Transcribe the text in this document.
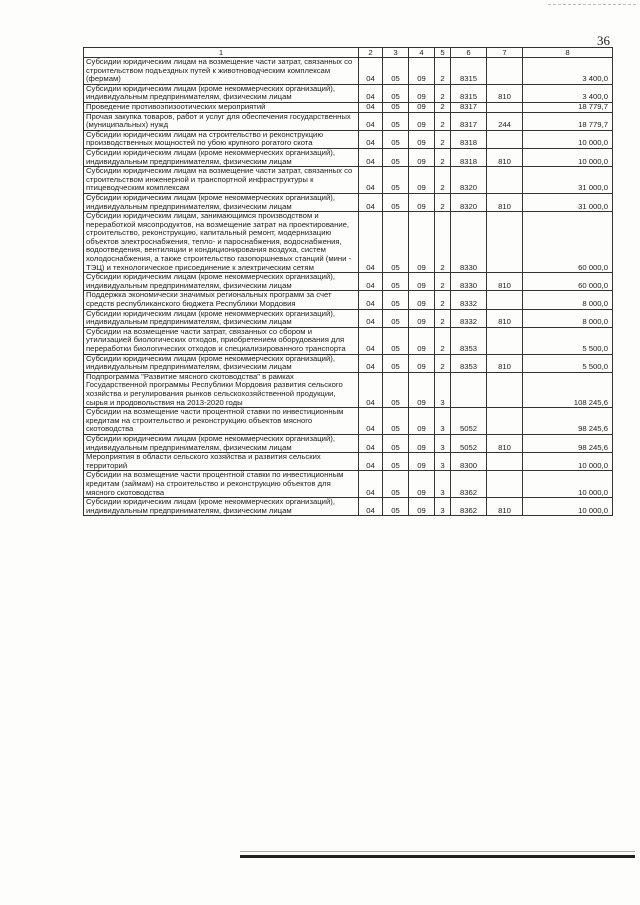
36
1	2	3	4	5	6	7	8
Субсидии юридическим лицам на возмещение части затрат, связанных со строительством подъездных путей к животноводческим комплексам (фермам)	04	05	09	2	8315		3 400,0
Субсидии юридическим лицам (кроме некоммерческих организаций), индивидуальным предпринимателям, физическим лицам	04	05	09	2	8315	810	3 400,0
Проведение противоэпизоотических мероприятий	04	05	09	2	8317		18 779,7
Прочая закупка товаров, работ и услуг для обеспечения государственных (муниципальных) нужд	04	05	09	2	8317	244	18 779,7
Субсидии юридическим лицам на строительство и реконструкцию производственных мощностей по убою крупного рогатого скота	04	05	09	2	8318		10 000,0
Субсидии юридическим лицам (кроме некоммерческих организаций), индивидуальным предпринимателям, физическим лицам	04	05	09	2	8318	810	10 000,0
Субсидии юридическим лицам на возмещение части затрат, связанных со строительством инженерной и транспортной инфраструктуры к птицеводческим комплексам	04	05	09	2	8320		31 000,0
Субсидии юридическим лицам (кроме некоммерческих организаций), индивидуальным предпринимателям, физическим лицам	04	05	09	2	8320	810	31 000,0
Субсидии юридическим лицам, занимающимся производством и переработкой мясопродуктов, на возмещение затрат на проектирование, строительство, реконструкцию, капитальный ремонт, модернизацию объектов электроснабжения, тепло- и пароснабжения, водоснабжения, водоотведения, вентиляции и кондиционирования воздуха, систем холодоснабжения, а также строительство газопоршневых станций (мини - ТЭЦ) и технологическое присоединение к электрическим сетям	04	05	09	2	8330		60 000,0
Субсидии юридическим лицам (кроме некоммерческих организаций), индивидуальным предпринимателям, физическим лицам	04	05	09	2	8330	810	60 000,0
Поддержка экономически значимых региональных программ за счет средств республиканского бюджета Республики Мордовия	04	05	09	2	8332		8 000,0
Субсидии юридическим лицам (кроме некоммерческих организаций), индивидуальным предпринимателям, физическим лицам	04	05	09	2	8332	810	8 000,0
Субсидии на возмещение части затрат, связанных со сбором и утилизацией биологических отходов, приобретением оборудования для переработки биологических отходов и специализированного транспорта	04	05	09	2	8353		5 500,0
Субсидии юридическим лицам (кроме некоммерческих организаций), индивидуальным предпринимателям, физическим лицам	04	05	09	2	8353	810	5 500,0
Подпрограмма "Развитие мясного скотоводства" в рамках Государственной программы Республики Мордовия развития сельского хозяйства и регулирования рынков сельскохозяйственной продукции, сырья и продовольствия на 2013-2020 годы	04	05	09	3			108 245,6
Субсидии на возмещение части процентной ставки по инвестиционным кредитам на строительство и реконструкцию объектов мясного скотоводства	04	05	09	3	5052		98 245,6
Субсидии юридическим лицам (кроме некоммерческих организаций), индивидуальным предпринимателям, физическим лицам	04	05	09	3	5052	810	98 245,6
Мероприятия в области сельского хозяйства и развития сельских территорий	04	05	09	3	8300		10 000,0
Субсидии на возмещение части процентной ставки по инвестиционным кредитам (займам) на строительство и реконструкцию объектов для мясного скотоводства	04	05	09	3	8362		10 000,0
Субсидии юридическим лицам (кроме некоммерческих организаций), индивидуальным предпринимателям, физическим лицам	04	05	09	3	8362	810	10 000,0
